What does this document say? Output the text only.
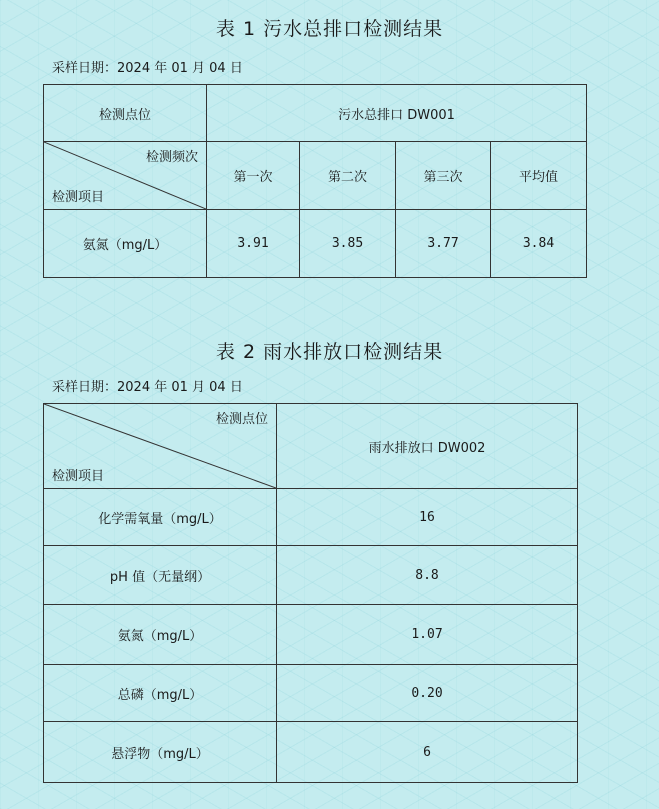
表 1 污水总排口检测结果
采样日期：2024 年 01 月 04 日
检测点位	污水总排口 DW001			

检测频次
检测项目	第一次	第二次	第三次	平均值
氨氮（mg/L）	3.91	3.85	3.77	3.84
表 2 雨水排放口检测结果
采样日期：2024 年 01 月 04 日
检测点位
检测项目	雨水排放口 DW002
化学需氧量（mg/L）	16
pH 值（无量纲）	8.8
氨氮（mg/L）	1.07
总磷（mg/L）	0.20
悬浮物（mg/L）	6
